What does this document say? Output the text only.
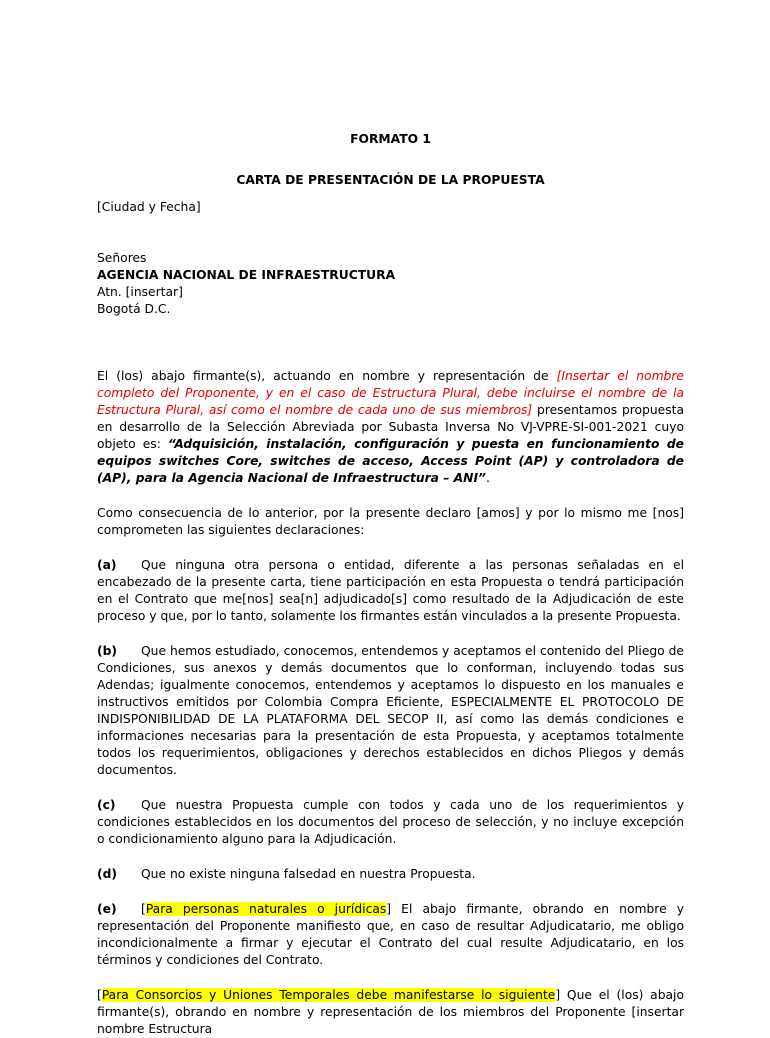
FORMATO 1

CARTA DE PRESENTACIÓN DE LA PROPUESTA

[Ciudad y Fecha]

Señores
AGENCIA NACIONAL DE INFRAESTRUCTURA
Atn. [insertar]
Bogotá D.C.

El (los) abajo firmante(s), actuando en nombre y representación de [Insertar el nombre completo del Proponente, y en el caso de Estructura Plural, debe incluirse el nombre de la Estructura Plural, así como el nombre de cada uno de sus miembros] presentamos propuesta en desarrollo de la Selección Abreviada por Subasta Inversa No VJ-VPRE-SI-001-2021 cuyo objeto es: “Adquisición, instalación, configuración y puesta en funcionamiento de equipos switches Core, switches de acceso, Access Point (AP) y controladora de (AP), para la Agencia Nacional de Infraestructura – ANI”.

Como consecuencia de lo anterior, por la presente declaro [amos] y por lo mismo me [nos] comprometen las siguientes declaraciones:

(a) Que ninguna otra persona o entidad, diferente a las personas señaladas en el encabezado de la presente carta, tiene participación en esta Propuesta o tendrá participación en el Contrato que me[nos] sea[n] adjudicado[s] como resultado de la Adjudicación de este proceso y que, por lo tanto, solamente los firmantes están vinculados a la presente Propuesta.

(b) Que hemos estudiado, conocemos, entendemos y aceptamos el contenido del Pliego de Condiciones, sus anexos y demás documentos que lo conforman, incluyendo todas sus Adendas; igualmente conocemos, entendemos y aceptamos lo dispuesto en los manuales e instructivos emitidos por Colombia Compra Eficiente, ESPECIALMENTE EL PROTOCOLO DE INDISPONIBILIDAD DE LA PLATAFORMA DEL SECOP II, así como las demás condiciones e informaciones necesarias para la presentación de esta Propuesta, y aceptamos totalmente todos los requerimientos, obligaciones y derechos establecidos en dichos Pliegos y demás documentos.

(c) Que nuestra Propuesta cumple con todos y cada uno de los requerimientos y condiciones establecidos en los documentos del proceso de selección, y no incluye excepción o condicionamiento alguno para la Adjudicación.

(d) Que no existe ninguna falsedad en nuestra Propuesta.

(e) [Para personas naturales o jurídicas] El abajo firmante, obrando en nombre y representación del Proponente manifiesto que, en caso de resultar Adjudicatario, me obligo incondicionalmente a firmar y ejecutar el Contrato del cual resulte Adjudicatario, en los términos y condiciones del Contrato.

[Para Consorcios y Uniones Temporales debe manifestarse lo siguiente] Que el (los) abajo firmante(s), obrando en nombre y representación de los miembros del Proponente [insertar nombre Estructura
